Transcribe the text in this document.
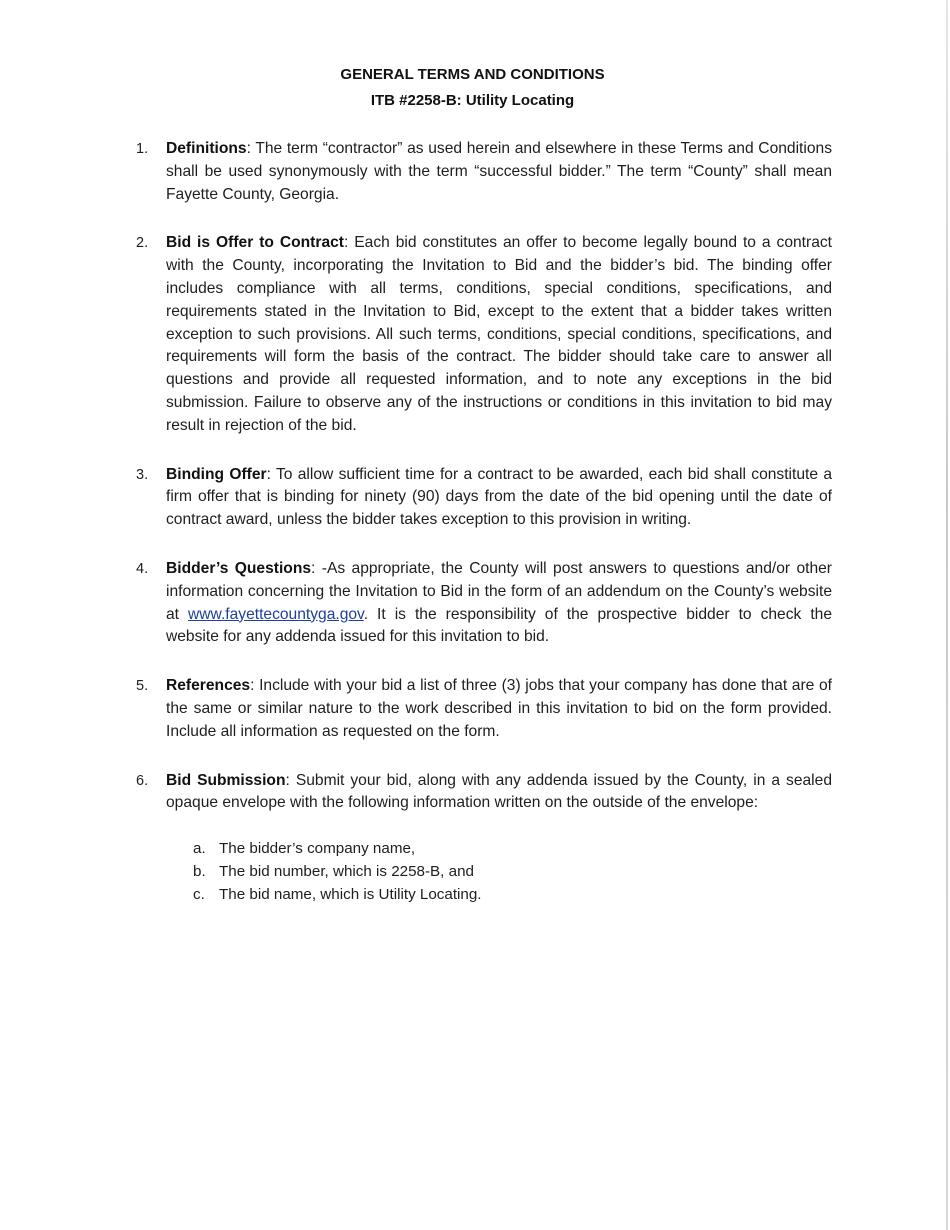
GENERAL TERMS AND CONDITIONS
ITB #2258-B: Utility Locating
1.	Definitions: The term “contractor” as used herein and elsewhere in these Terms and Conditions shall be used synonymously with the term “successful bidder.” The term “County” shall mean Fayette County, Georgia.
2.	Bid is Offer to Contract: Each bid constitutes an offer to become legally bound to a contract with the County, incorporating the Invitation to Bid and the bidder’s bid. The binding offer includes compliance with all terms, conditions, special conditions, specifications, and requirements stated in the Invitation to Bid, except to the extent that a bidder takes written exception to such provisions. All such terms, conditions, special conditions, specifications, and requirements will form the basis of the contract. The bidder should take care to answer all questions and provide all requested information, and to note any exceptions in the bid submission. Failure to observe any of the instructions or conditions in this invitation to bid may result in rejection of the bid.
3.	Binding Offer: To allow sufficient time for a contract to be awarded, each bid shall constitute a firm offer that is binding for ninety (90) days from the date of the bid opening until the date of contract award, unless the bidder takes exception to this provision in writing.
4.	Bidder’s Questions: -As appropriate, the County will post answers to questions and/or other information concerning the Invitation to Bid in the form of an addendum on the County’s website at www.fayettecountyga.gov. It is the responsibility of the prospective bidder to check the website for any addenda issued for this invitation to bid.
5.	References: Include with your bid a list of three (3) jobs that your company has done that are of the same or similar nature to the work described in this invitation to bid on the form provided. Include all information as requested on the form.
6.	Bid Submission: Submit your bid, along with any addenda issued by the County, in a sealed opaque envelope with the following information written on the outside of the envelope:
a. The bidder’s company name,
b. The bid number, which is 2258-B, and
c. The bid name, which is Utility Locating.
